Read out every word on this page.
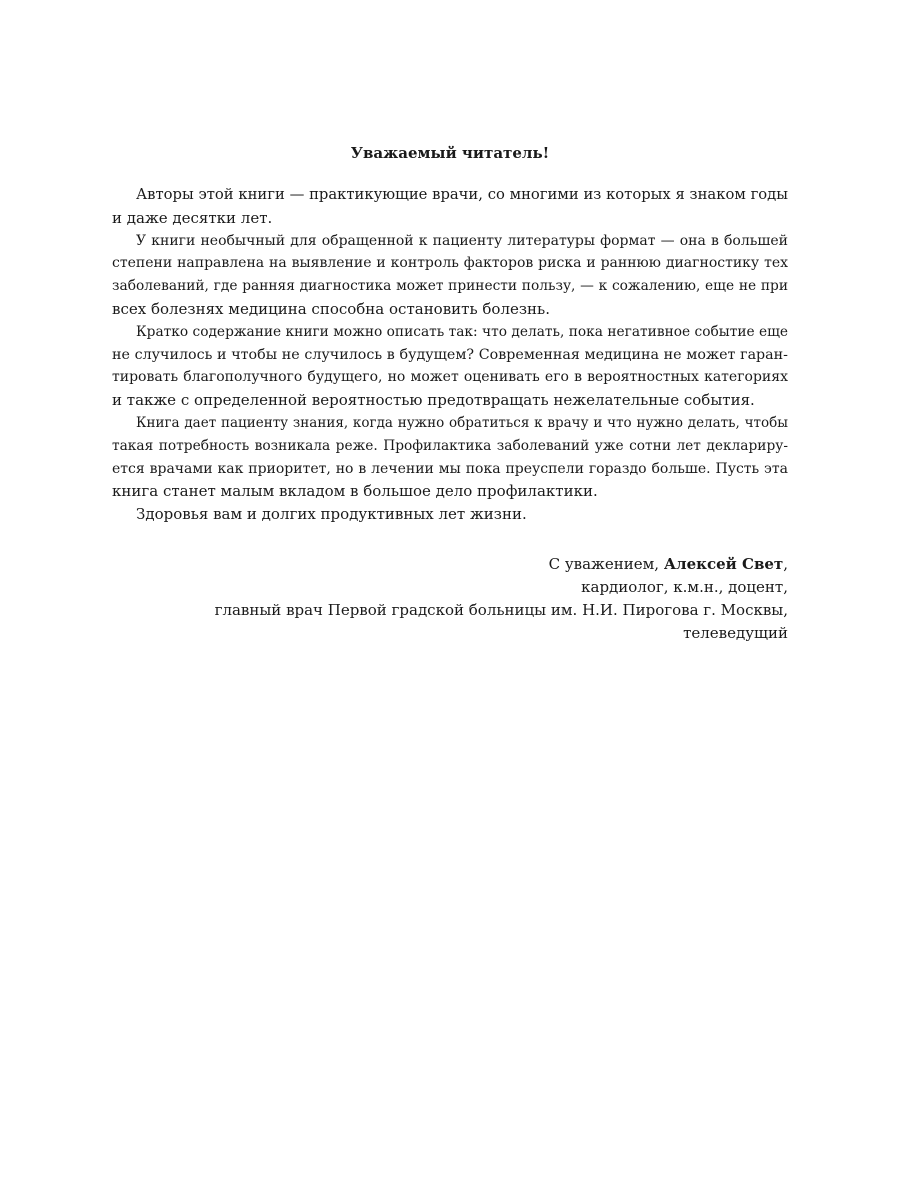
Уважаемый читатель!
Авторы этой книги — практикующие врачи, со многими из которых я знаком годы
и даже десятки лет.
У книги необычный для обращенной к пациенту литературы формат — она в большей
степени направлена на выявление и контроль факторов риска и раннюю диагностику тех
заболеваний, где ранняя диагностика может принести пользу, — к сожалению, еще не при
всех болезнях медицина способна остановить болезнь.
Кратко содержание книги можно описать так: что делать, пока негативное событие еще
не случилось и чтобы не случилось в будущем? Современная медицина не может гаран-
тировать благополучного будущего, но может оценивать его в вероятностных категориях
и также с определенной вероятностью предотвращать нежелательные события.
Книга дает пациенту знания, когда нужно обратиться к врачу и что нужно делать, чтобы
такая потребность возникала реже. Профилактика заболеваний уже сотни лет деклариру-
ется врачами как приоритет, но в лечении мы пока преуспели гораздо больше. Пусть эта
книга станет малым вкладом в большое дело профилактики.
Здоровья вам и долгих продуктивных лет жизни.
С уважением, Алексей Свет,
кардиолог, к.м.н., доцент,
главный врач Первой градской больницы им. Н.И. Пирогова г. Москвы,
телеведущий
